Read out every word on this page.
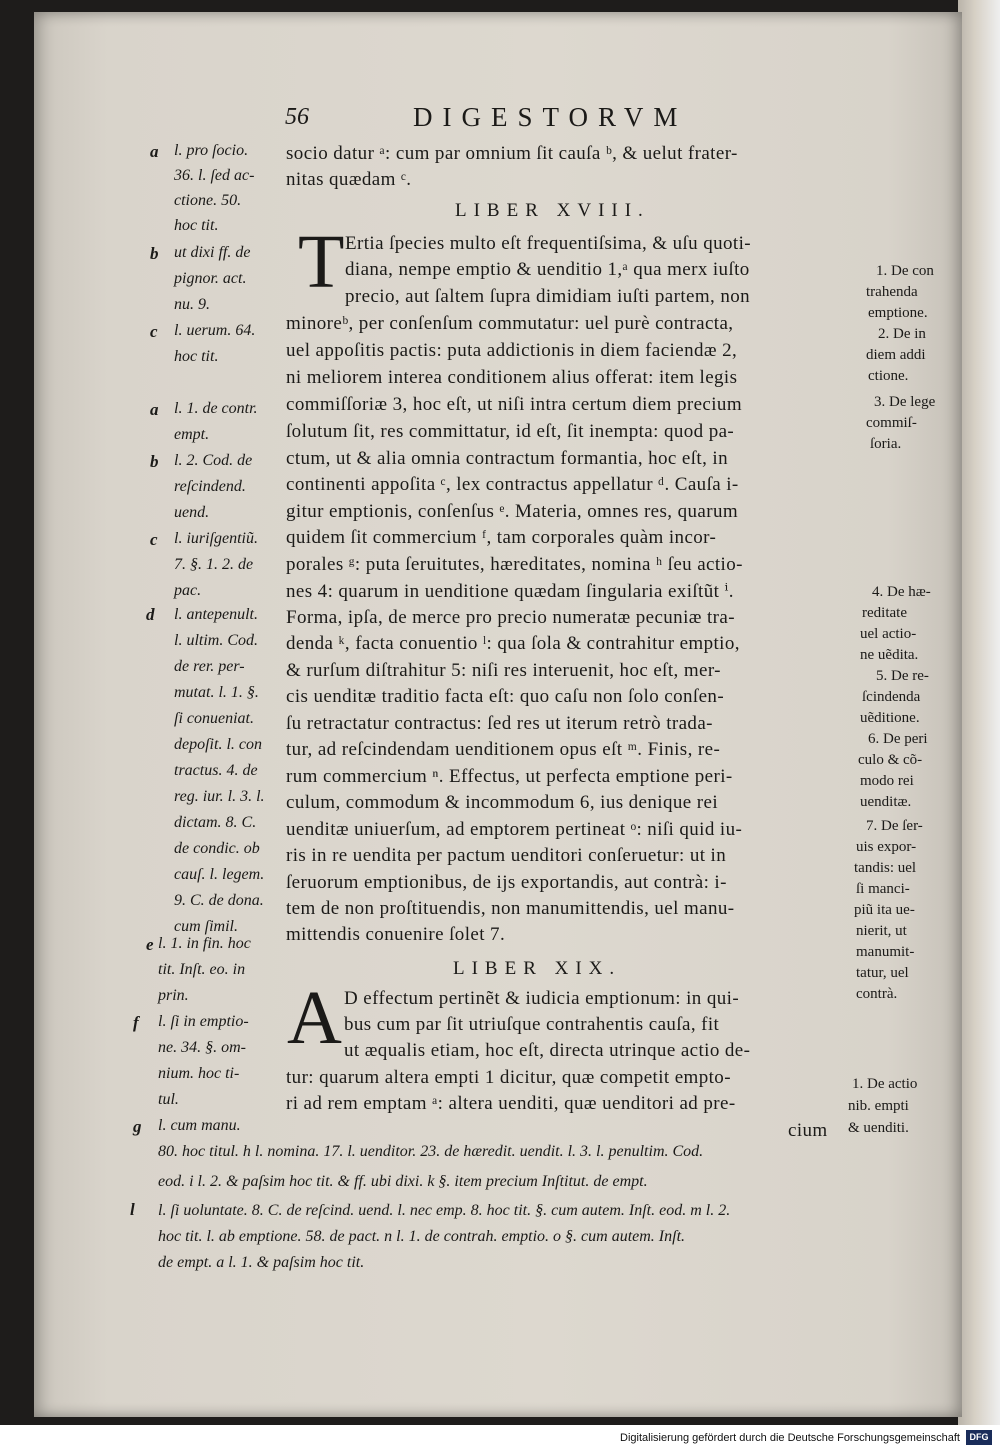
56	DIGESTORVM
socio datur ᵃ: cum par omnium ſit cauſa ᵇ, & uelut frater-
nitas quædam ᶜ.
LIBER XVIII.
T Ertia ſpecies multo eſt frequentiſsima, & uſu quoti-
diana, nempe emptio & uenditio 1,ᵃ qua merx iuſto
precio, aut ſaltem ſupra dimidiam iuſti partem, non
minoreᵇ, per conſenſum commutatur: uel purè contracta,
uel appoſitis pactis: puta addictionis in diem faciendæ 2,
ni meliorem interea conditionem alius offerat: item legis
commiſſoriæ 3, hoc eſt, ut niſi intra certum diem precium
ſolutum ſit, res committatur, id eſt, ſit inempta: quod pa-
ctum, ut & alia omnia contractum formantia, hoc eſt, in
continenti appoſita ᶜ, lex contractus appellatur ᵈ. Cauſa i-
gitur emptionis, conſenſus ᵉ. Materia, omnes res, quarum
quidem ſit commercium ᶠ, tam corporales quàm incor-
porales ᵍ: puta ſeruitutes, hæreditates, nomina ʰ ſeu actio-
nes 4: quarum in uenditione quædam ſingularia exiſtũt ⁱ.
Forma, ipſa, de merce pro precio numeratæ pecuniæ tra-
denda ᵏ, facta conuentio ˡ: qua ſola & contrahitur emptio,
& rurſum diſtrahitur 5: niſi res interuenit, hoc eſt, mer-
cis uenditæ traditio facta eſt: quo caſu non ſolo conſen-
ſu retractatur contractus: ſed res ut iterum retrò trada-
tur, ad reſcindendam uenditionem opus eſt ᵐ. Finis, re-
rum commercium ⁿ. Effectus, ut perfecta emptione peri-
culum, commodum & incommodum 6, ius denique rei
uenditæ uniuerſum, ad emptorem pertineat ᵒ: niſi quid iu-
ris in re uendita per pactum uenditori conſeruetur: ut in
ſeruorum emptionibus, de ijs exportandis, aut contrà: i-
tem de non proſtituendis, non manumittendis, uel manu-
mittendis conuenire ſolet 7.
LIBER XIX.
A D effectum pertinẽt & iudicia emptionum: in qui-
bus cum par ſit utriuſque contrahentis cauſa, fit
ut æqualis etiam, hoc eſt, directa utrinque actio de-
tur: quarum altera empti 1 dicitur, quæ competit empto-
ri ad rem emptam ᵃ: altera uenditi, quæ uenditori ad pre-
cium
a l. pro ſocio.
36. l. ſed ac-
ctione. 50.
hoc tit.
b ut dixi ff. de
pignor. act.
nu. 9.
c l. uerum. 64.
hoc tit.
a l. 1. de contr.
empt.
b l. 2. Cod. de
reſcindend.
uend.
c l. iuriſgentiũ.
7. §. 1. 2. de
pac.
d l. antepenult.
l. ultim. Cod.
de rer. per-
mutat. l. 1. §.
ſi conueniat.
depoſit. l. con
tractus. 4. de
reg. iur. l. 3. l.
dictam. 8. C.
de condic. ob
cauſ. l. legem.
9. C. de dona.
cum ſimil.
e l. 1. in fin. hoc
tit. Inſt. eo. in
prin.
f l. ſi in emptio-
ne. 34. §. om-
nium. hoc ti-
tul.
g l. cum manu.
1. De con
trahenda
emptione.
2. De in
diem addi
ctione.
3. De lege
commiſ-
ſoria.
4. De hæ-
reditate
uel actio-
ne uẽdita.
5. De re-
ſcindenda
uẽditione.
6. De peri
culo & cõ-
modo rei
uenditæ.
7. De ſer-
uis expor-
tandis: uel
ſi manci-
piũ ita ue-
nierit, ut
manumit-
tatur, uel
contrà.
1. De actio
nib. empti
& uenditi.
80. hoc titul. h l. nomina. 17. l. uenditor. 23. de hæredit. uendit. l. 3. l. penultim. Cod.
eod. i l. 2. & paſsim hoc tit. & ff. ubi dixi. k §. item precium Inſtitut. de empt.
l l. ſi uoluntate. 8. C. de reſcind. uend. l. nec emp. 8. hoc tit. §. cum autem. Inſt. eod. m l. 2.
hoc tit. l. ab emptione. 58. de pact. n l. 1. de contrah. emptio. o §. cum autem. Inſt.
de empt. a l. 1. & paſsim hoc tit.
Digitalisierung gefördert durch die Deutsche Forschungsgemeinschaft	DFG
